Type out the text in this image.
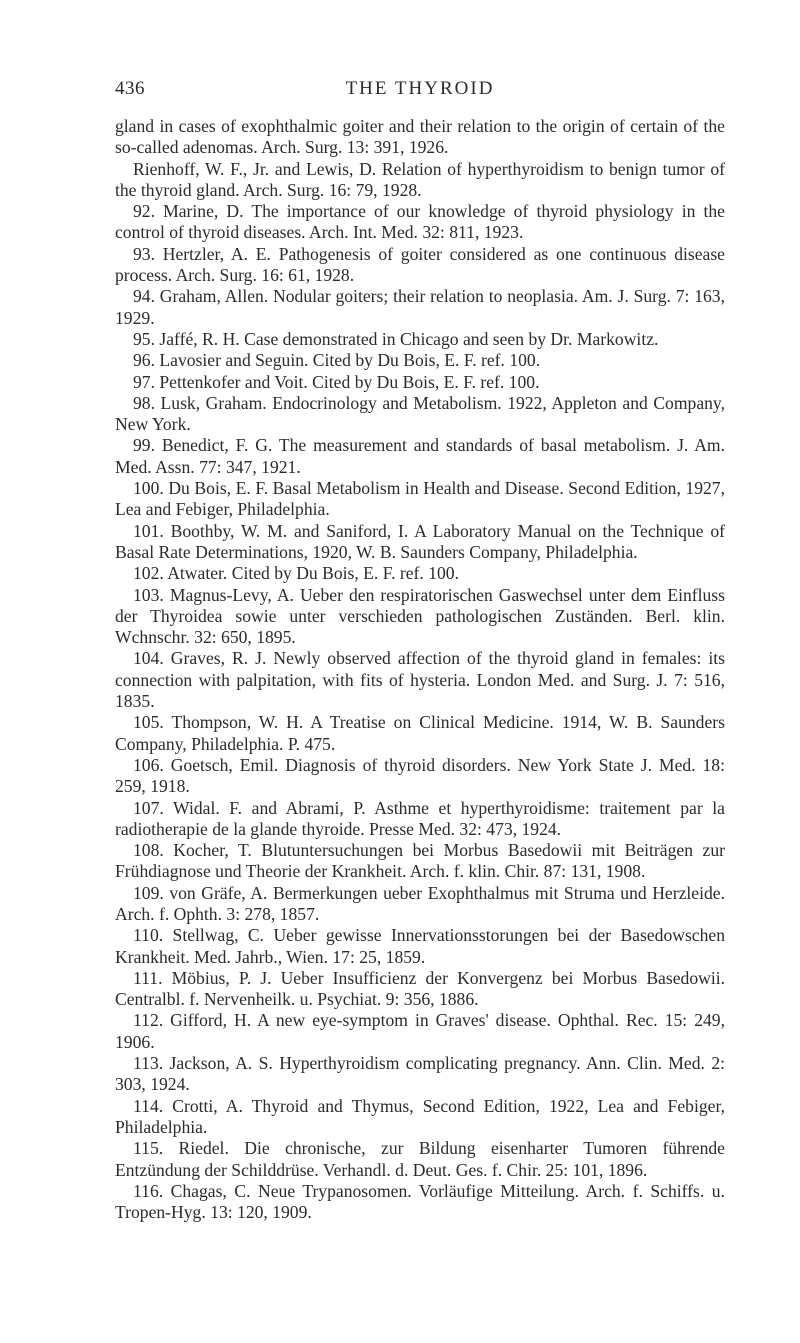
436	THE THYROID

gland in cases of exophthalmic goiter and their relation to the origin of certain of the so-called adenomas. Arch. Surg. 13: 391, 1926.

Rienhoff, W. F., Jr. and Lewis, D. Relation of hyperthyroidism to benign tumor of the thyroid gland. Arch. Surg. 16: 79, 1928.

92. Marine, D. The importance of our knowledge of thyroid physiology in the control of thyroid diseases. Arch. Int. Med. 32: 811, 1923.

93. Hertzler, A. E. Pathogenesis of goiter considered as one continuous disease process. Arch. Surg. 16: 61, 1928.

94. Graham, Allen. Nodular goiters; their relation to neoplasia. Am. J. Surg. 7: 163, 1929.

95. Jaffé, R. H. Case demonstrated in Chicago and seen by Dr. Markowitz.

96. Lavosier and Seguin. Cited by Du Bois, E. F. ref. 100.

97. Pettenkofer and Voit. Cited by Du Bois, E. F. ref. 100.

98. Lusk, Graham. Endocrinology and Metabolism. 1922, Appleton and Company, New York.

99. Benedict, F. G. The measurement and standards of basal metabolism. J. Am. Med. Assn. 77: 347, 1921.

100. Du Bois, E. F. Basal Metabolism in Health and Disease. Second Edition, 1927, Lea and Febiger, Philadelphia.

101. Boothby, W. M. and Saniford, I. A Laboratory Manual on the Technique of Basal Rate Determinations, 1920, W. B. Saunders Company, Philadelphia.

102. Atwater. Cited by Du Bois, E. F. ref. 100.

103. Magnus-Levy, A. Ueber den respiratorischen Gaswechsel unter dem Einfluss der Thyroidea sowie unter verschieden pathologischen Zuständen. Berl. klin. Wchnschr. 32: 650, 1895.

104. Graves, R. J. Newly observed affection of the thyroid gland in females: its connection with palpitation, with fits of hysteria. London Med. and Surg. J. 7: 516, 1835.

105. Thompson, W. H. A Treatise on Clinical Medicine. 1914, W. B. Saunders Company, Philadelphia. P. 475.

106. Goetsch, Emil. Diagnosis of thyroid disorders. New York State J. Med. 18: 259, 1918.

107. Widal. F. and Abrami, P. Asthme et hyperthyroidisme: traitement par la radiotherapie de la glande thyroide. Presse Med. 32: 473, 1924.

108. Kocher, T. Blutuntersuchungen bei Morbus Basedowii mit Beiträgen zur Frühdiagnose und Theorie der Krankheit. Arch. f. klin. Chir. 87: 131, 1908.

109. von Gräfe, A. Bermerkungen ueber Exophthalmus mit Struma und Herzleide. Arch. f. Ophth. 3: 278, 1857.

110. Stellwag, C. Ueber gewisse Innervationsstorungen bei der Basedowschen Krankheit. Med. Jahrb., Wien. 17: 25, 1859.

111. Möbius, P. J. Ueber Insufficienz der Konvergenz bei Morbus Basedowii. Centralbl. f. Nervenheilk. u. Psychiat. 9: 356, 1886.

112. Gifford, H. A new eye-symptom in Graves' disease. Ophthal. Rec. 15: 249, 1906.

113. Jackson, A. S. Hyperthyroidism complicating pregnancy. Ann. Clin. Med. 2: 303, 1924.

114. Crotti, A. Thyroid and Thymus, Second Edition, 1922, Lea and Febiger, Philadelphia.

115. Riedel. Die chronische, zur Bildung eisenharter Tumoren führende Entzündung der Schilddrüse. Verhandl. d. Deut. Ges. f. Chir. 25: 101, 1896.

116. Chagas, C. Neue Trypanosomen. Vorläufige Mitteilung. Arch. f. Schiffs. u. Tropen-Hyg. 13: 120, 1909.
